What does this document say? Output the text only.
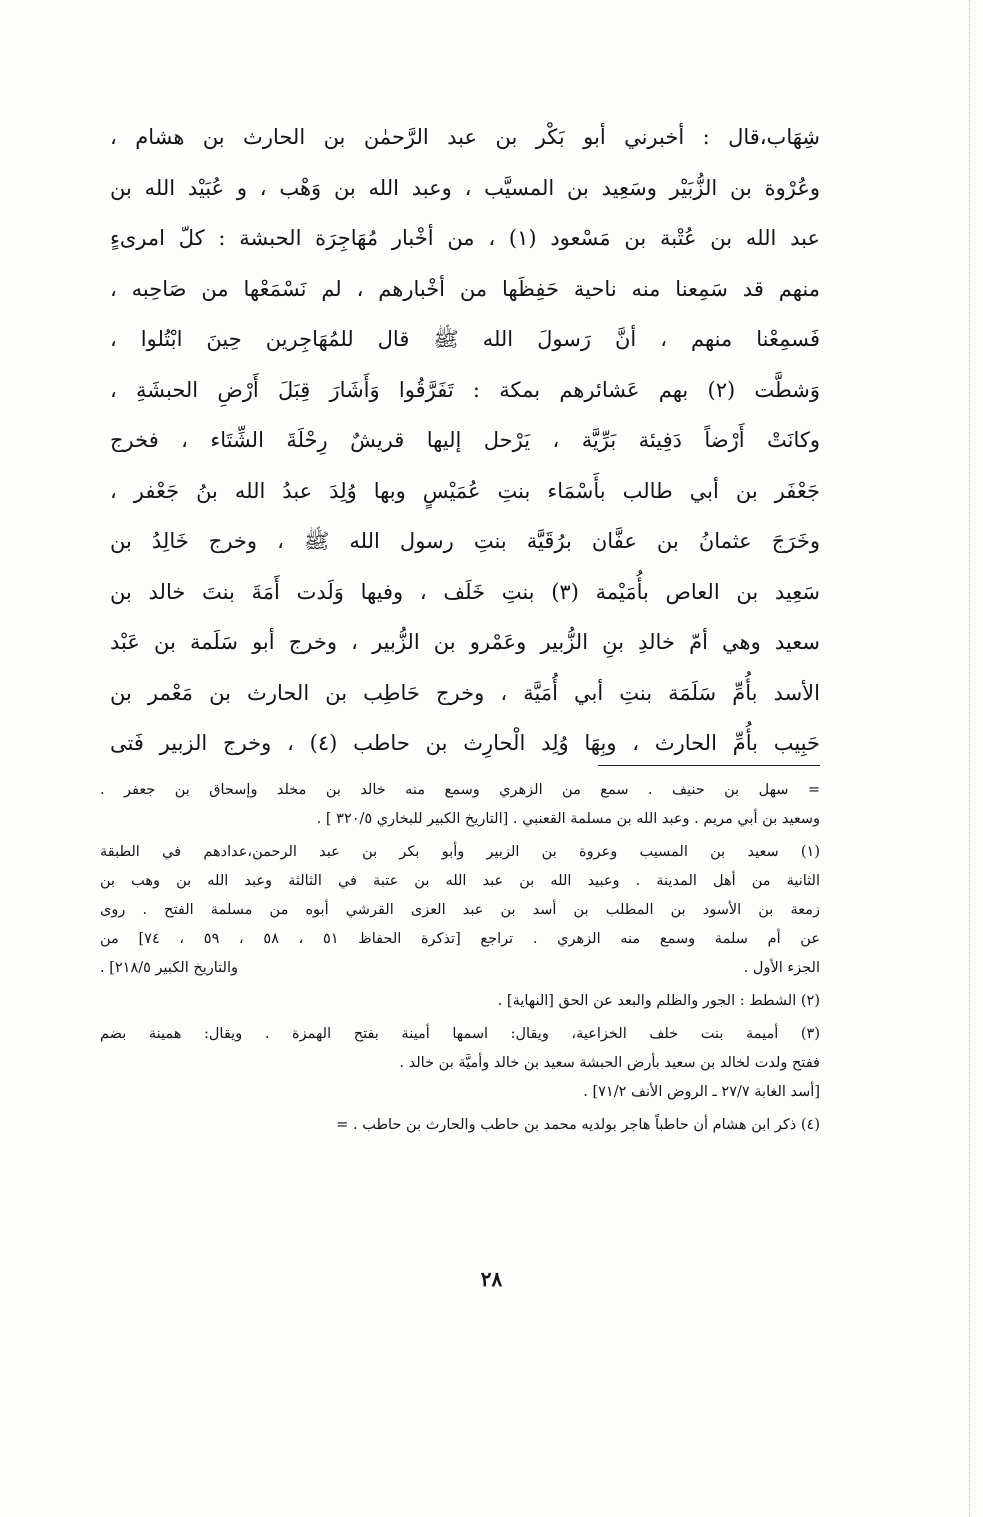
شِهَاب،قال : أخبرني أبو بَكْر بن عبد الرَّحمٰن بن الحارث بن هشام ،
وعُرْوة بن الزُّبَيْر وسَعِيد بن المسيَّب ، وعبد الله بن وَهْب ، و عُبَيْد الله بن
عبد الله بن عُتْبة بن مَسْعود (١) ، من أخْبار مُهَاجِرَة الحبشة : كلّ امرىءٍ
منهم قد سَمِعنا منه ناحية حَفِظَها من أخْبارهم ، لم نَسْمَعْها من صَاحِبه ،
فَسمِعْنا منهم ، أنَّ رَسولَ الله ﷺ قال للمُهَاجِرين حِينَ ابْتُلوا ،
وَشطَّت (٢) بهم عَشائرهم بمكة : تَفَرَّقُوا وَأَشَارَ قِبَلَ أَرْضِ الحبشَةِ ،
وكانَتْ أَرْضاً دَفِيئة بَرِّيَّة ، يَرْحل إليها قريشٌ رِحْلَةَ الشِّتَاء ، فخرج
جَعْفَر بن أبي طالب بأَسْمَاء بنتِ عُمَيْسٍ وبها وُلِدَ عبدُ الله بنُ جَعْفر ،
وخَرَجَ عثمانُ بن عفَّان برُقَيَّة بنتِ رسول الله ﷺ ، وخرج خَالِدُ بن
سَعِيد بن العاص بأُمَيْمة (٣) بنتِ خَلَف ، وفيها وَلَدت أَمَةَ بنتَ خالد بن
سعيد وهي أمّ خالدِ بنِ الزُّبير وعَمْرو بن الزُّبير ، وخرج أبو سَلَمة بن عَبْد
الأسد بأُمِّ سَلَمَة بنتِ أبي أُمَيَّة ، وخرج حَاطِب بن الحارث بن مَعْمر بن
حَبِيب بأُمِّ الحارث ، وبِهَا وُلِد الْحارِث بن حاطب (٤) ، وخرج الزبير فَتى
= سهل بن حنيف . سمع من الزهري وسمع منه خالد بن مخلد وإسحاق بن جعفر .
وسعيد بن أبي مريم . وعبد الله بن مسلمة القعنبي . [التاريخ الكبير للبخاري ٣٢٠/٥ ] .
(١) سعيد بن المسيب وعروة بن الزبير وأبو بكر بن عبد الرحمن،عدادهم في الطبقة
الثانية من أهل المدينة . وعبيد الله بن عبد الله بن عتبة في الثالثة وعبد الله بن وهب بن
زمعة بن الأسود بن المطلب بن أسد بن عبد العزى القرشي أبوه من مسلمة الفتح . روى
عن أم سلمة وسمع منه الزهري . تراجع [تذكرة الحفاظ ٥١ ، ٥٨ ، ٥٩ ، ٧٤] من
الجزء الأول .
والتاريخ الكبير ٢١٨/٥] .
(٢) الشطط : الجور والظلم والبعد عن الحق [النهاية] .
(٣) أميمة بنت خلف الخزاعية، ويقال: اسمها أمينة بفتح الهمزة . ويقال: همينة بضم
ففتح ولدت لخالد بن سعيد بأرض الحبشة سعيد بن خالد وأميَّة بن خالد .
[أسد الغابة ٢٧/٧ ـ الروض الأنف ٧١/٢] .
(٤) ذكر ابن هشام أن حاطباً هاجر بولديه محمد بن حاطب والحارث بن حاطب . =
٢٨
